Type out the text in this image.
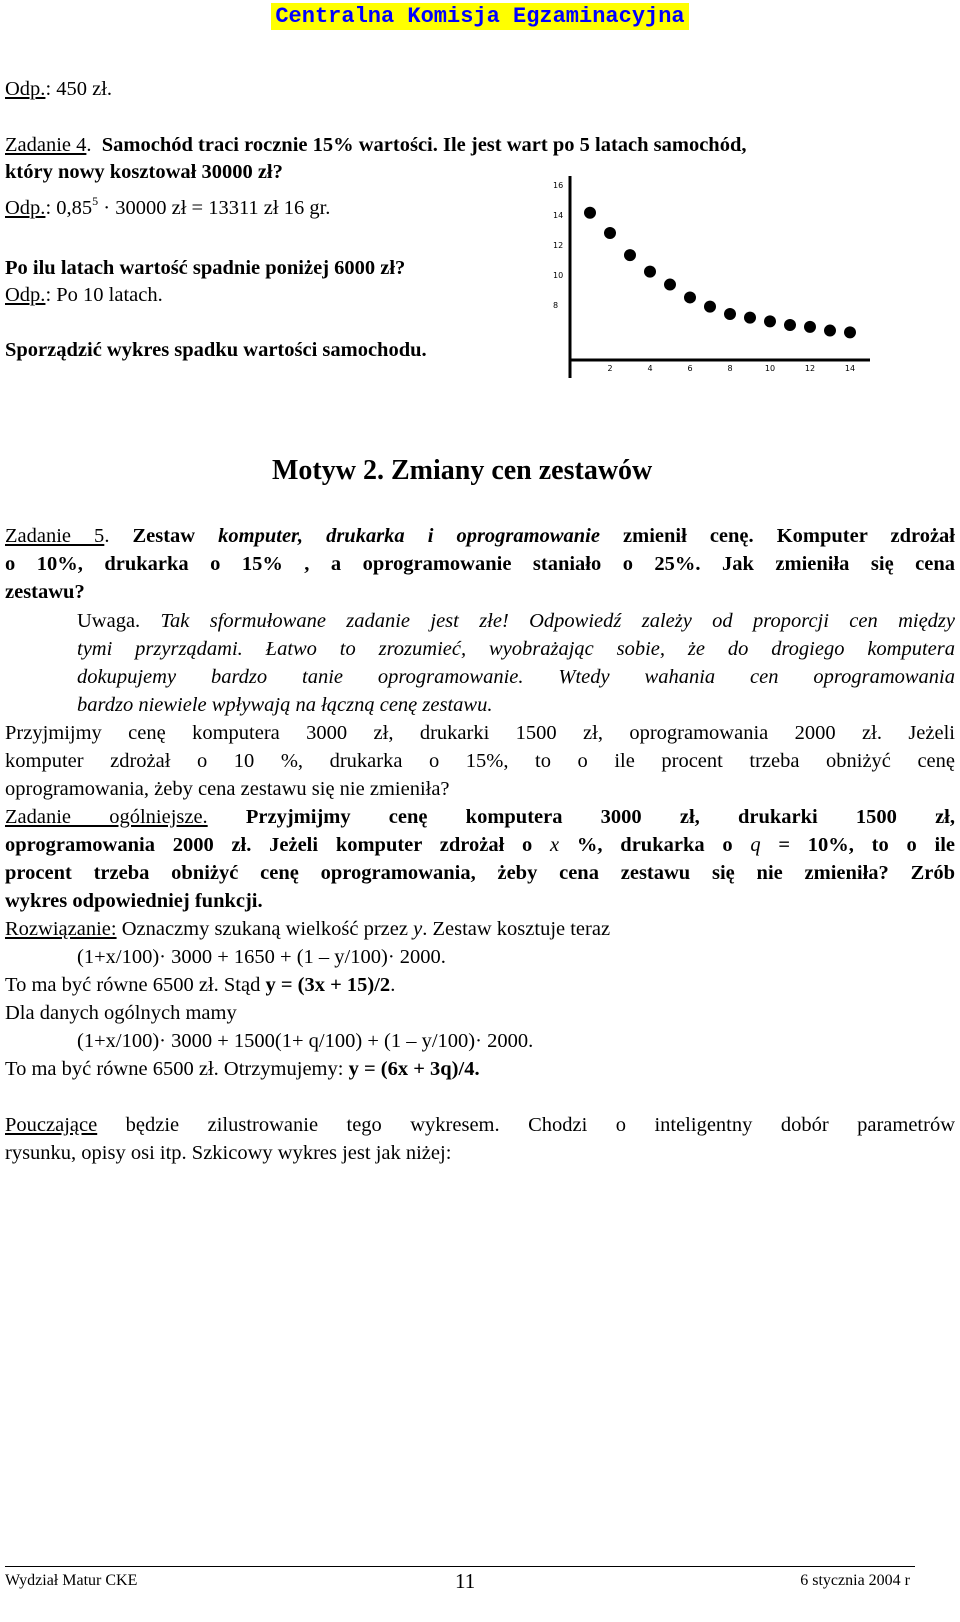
Centralna Komisja Egzaminacyjna
Odp.: 450 zł.
Zadanie 4. Samochód traci rocznie 15% wartości. Ile jest wart po 5 latach samochód,
który nowy kosztował 30000 zł?
Odp.: $0,85^5 \cdot 30000$ zł = 13311 zł 16 gr.
Po ilu latach wartość spadnie poniżej 6000 zł?
Odp.: Po 10 latach.
Sporządzić wykres spadku wartości samochodu.
16
14
12
10
8
2	4	6	8	10	12	14
Motyw 2. Zmiany cen zestawów
Zadanie 5. Zestaw komputer, drukarka i oprogramowanie zmienił cenę. Komputer zdrożał
o 10%, drukarka o 15% , a oprogramowanie staniało o 25%. Jak zmieniła się cena
zestawu?
Uwaga. Tak sformułowane zadanie jest złe! Odpowiedź zależy od proporcji cen między
tymi przyrządami. Łatwo to zrozumieć, wyobrażając sobie, że do drogiego komputera
dokupujemy bardzo tanie oprogramowanie. Wtedy wahania cen oprogramowania
bardzo niewiele wpływają na łączną cenę zestawu.
Przyjmijmy cenę komputera 3000 zł, drukarki 1500 zł, oprogramowania 2000 zł. Jeżeli
komputer zdrożał o 10 %, drukarka o 15%, to o ile procent trzeba obniżyć cenę
oprogramowania, żeby cena zestawu się nie zmieniła?
Zadanie ogólniejsze. Przyjmijmy cenę komputera 3000 zł, drukarki 1500 zł,
oprogramowania 2000 zł. Jeżeli komputer zdrożał o x %, drukarka o q = 10%, to o ile
procent trzeba obniżyć cenę oprogramowania, żeby cena zestawu się nie zmieniła? Zrób
wykres odpowiedniej funkcji.
Rozwiązanie: Oznaczmy szukaną wielkość przez y. Zestaw kosztuje teraz
(1+x/100)· 3000 + 1650 + (1 – y/100)· 2000.
To ma być równe 6500 zł. Stąd y = (3x + 15)/2.
Dla danych ogólnych mamy
(1+x/100)· 3000 + 1500(1+ q/100) + (1 – y/100)· 2000.
To ma być równe 6500 zł. Otrzymujemy: y = (6x + 3q)/4.
Pouczające będzie zilustrowanie tego wykresem. Chodzi o inteligentny dobór parametrów
rysunku, opisy osi itp. Szkicowy wykres jest jak niżej:
Wydział Matur CKE	11	6 stycznia 2004 r
